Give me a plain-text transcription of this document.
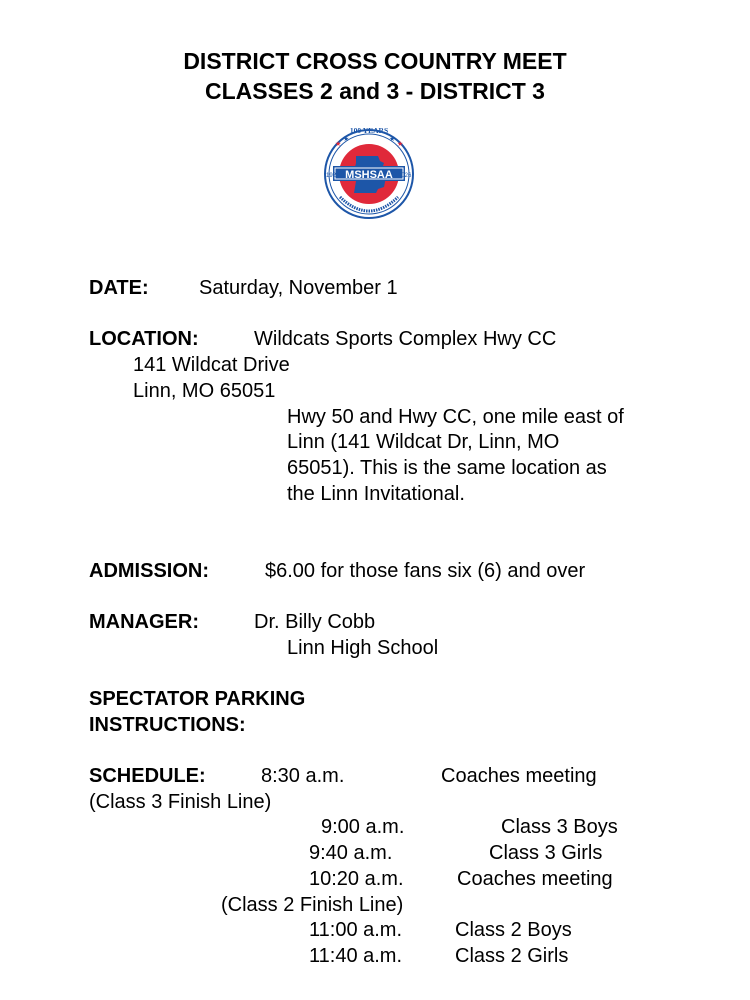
DISTRICT CROSS COUNTRY MEET
CLASSES 2 and 3 - DISTRICT 3
MSHSAA
100 YEARS
1926	2026
★
★	★
★
DATE:	Saturday, November 1
LOCATION:	Wildcats Sports Complex Hwy CC
141 Wildcat Drive
Linn, MO 65051
Hwy 50 and Hwy CC, one mile east of
Linn (141 Wildcat Dr, Linn, MO
65051). This is the same location as
the Linn Invitational.
ADMISSION:	$6.00 for those fans six (6) and over
MANAGER:	Dr. Billy Cobb
Linn High School
SPECTATOR PARKING
INSTRUCTIONS:
SCHEDULE:	8:30 a.m.	Coaches meeting
(Class 3 Finish Line)
9:00 a.m.	Class 3 Boys
9:40 a.m.	Class 3 Girls
10:20 a.m.	Coaches meeting
(Class 2 Finish Line)
11:00 a.m.	Class 2 Boys
11:40 a.m.	Class 2 Girls
